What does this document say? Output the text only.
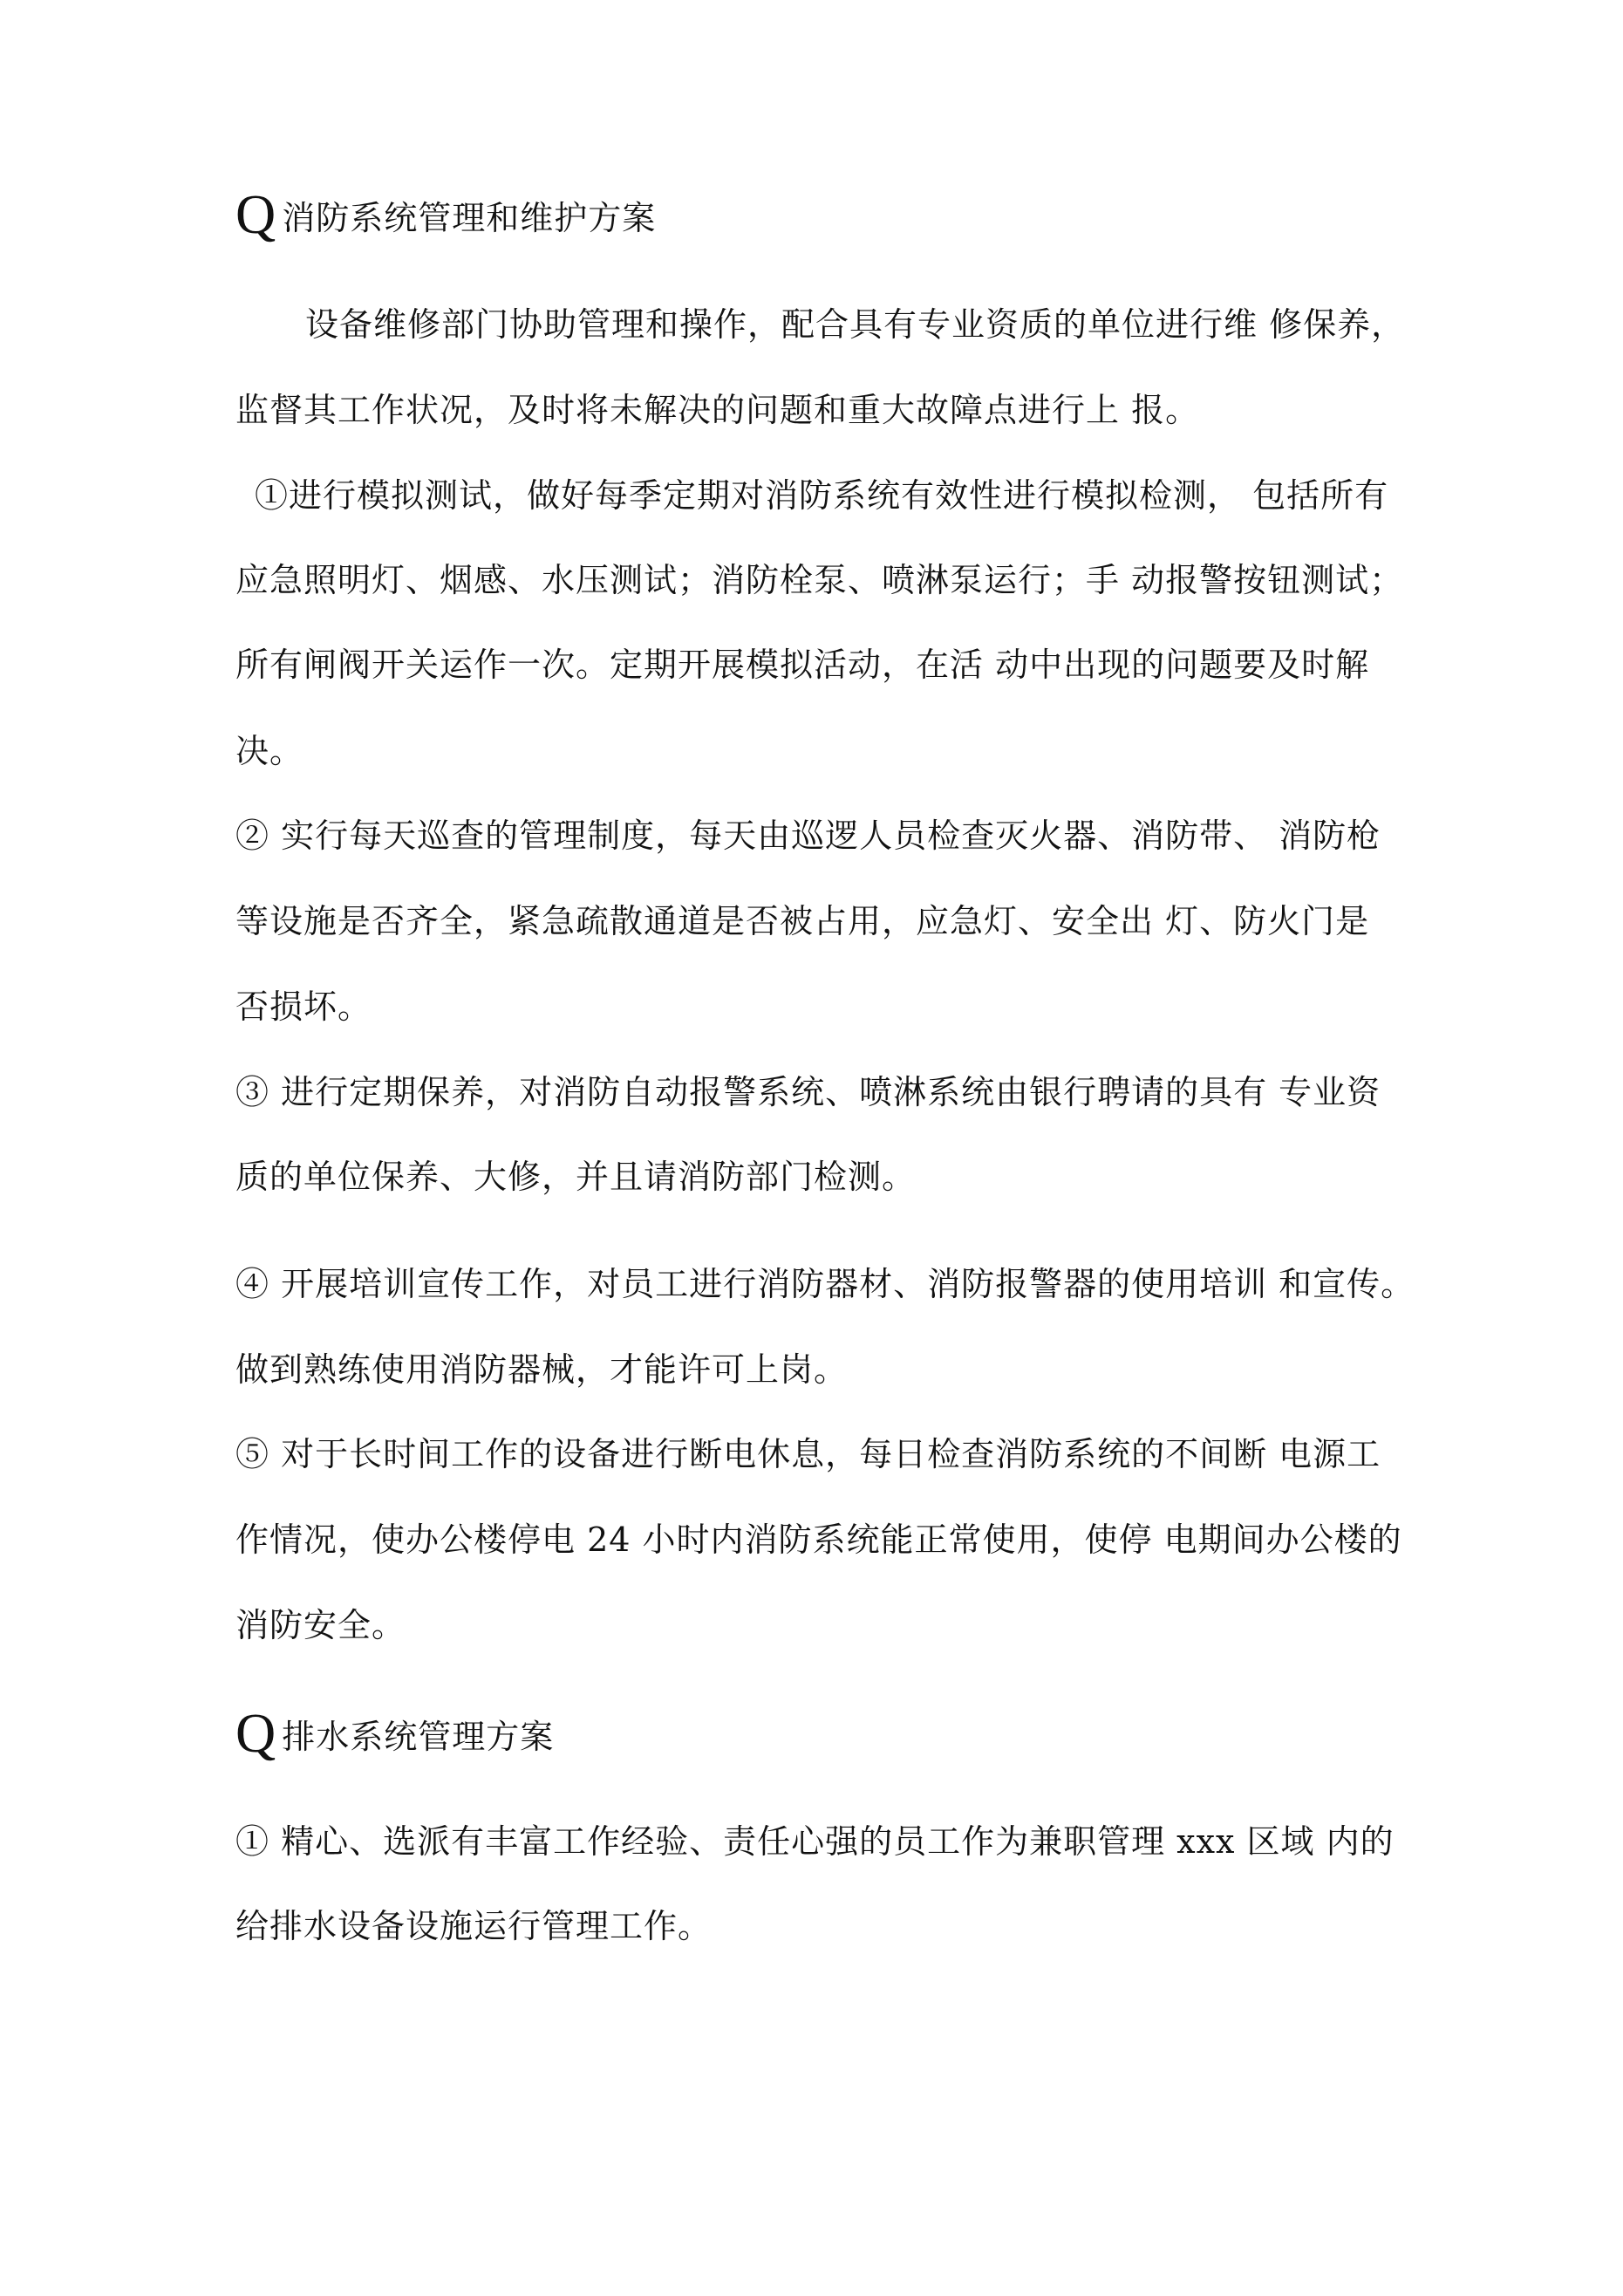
Q 消防系统管理和维护方案
设备维修部门协助管理和操作，配合具有专业资质的单位进行维 修保养，
监督其工作状况，及时将未解决的问题和重大故障点进行上 报。
①进行模拟测试，做好每季定期对消防系统有效性进行模拟检测， 包括所有
应急照明灯、烟感、水压测试；消防栓泵、喷淋泵运行；手 动报警按钮测试；
所有闸阀开关运作一次。定期开展模拟活动，在活 动中出现的问题要及时解
决。
② 实行每天巡查的管理制度，每天由巡逻人员检查灭火器、消防带、 消防枪
等设施是否齐全，紧急疏散通道是否被占用，应急灯、安全出 灯、防火门是
否损坏。
③ 进行定期保养，对消防自动报警系统、喷淋系统由银行聘请的具有 专业资
质的单位保养、大修，并且请消防部门检测。
④ 开展培训宣传工作，对员工进行消防器材、消防报警器的使用培训 和宣传。
做到熟练使用消防器械，才能许可上岗。
⑤ 对于长时间工作的设备进行断电休息，每日检查消防系统的不间断 电源工
作情况，使办公楼停电 24 小时内消防系统能正常使用，使停 电期间办公楼的
消防安全。
Q 排水系统管理方案
① 精心、选派有丰富工作经验、责任心强的员工作为兼职管理 xxx 区域 内的
给排水设备设施运行管理工作。
